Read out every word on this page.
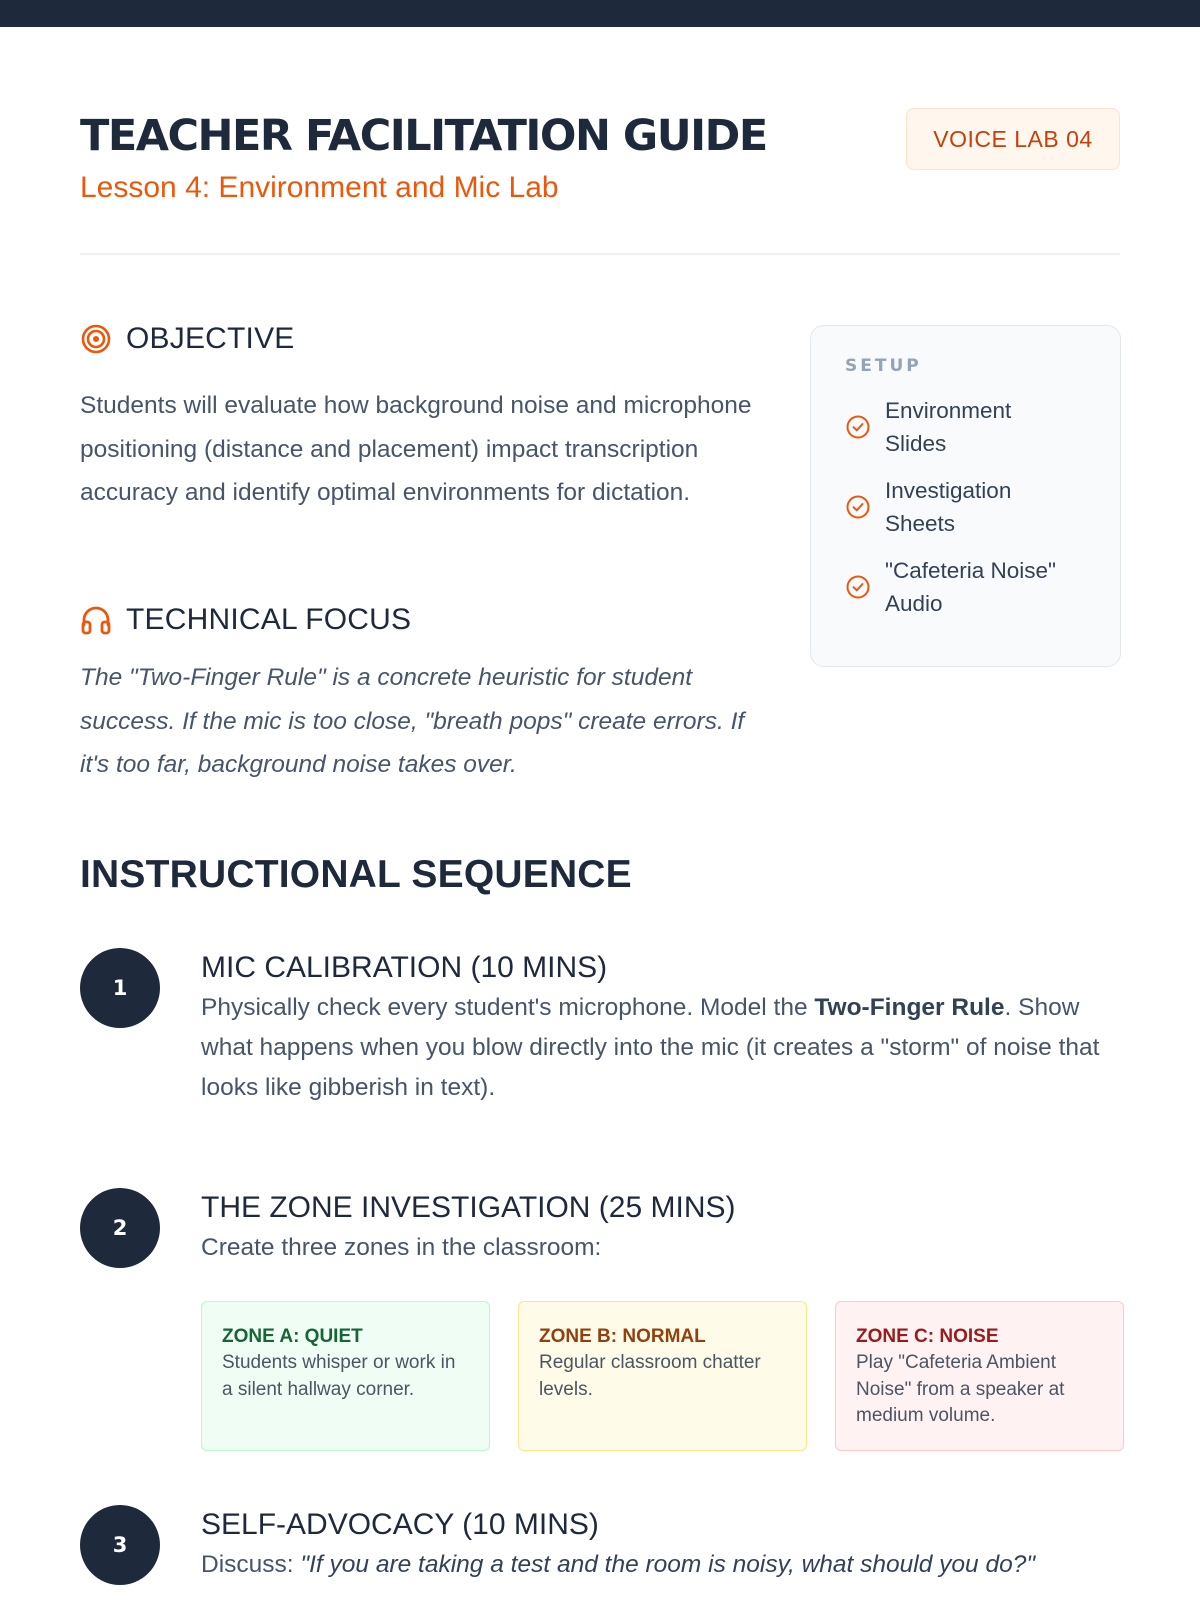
TEACHER FACILITATION GUIDE
Lesson 4: Environment and Mic Lab
VOICE LAB 04
OBJECTIVE

Students will evaluate how background noise and microphone positioning (distance and placement) impact transcription accuracy and identify optimal environments for dictation.

TECHNICAL FOCUS

The "Two-Finger Rule" is a concrete heuristic for student success. If the mic is too close, "breath pops" create errors. If it's too far, background noise takes over.

SETUP
Environment Slides
Investigation Sheets
"Cafeteria Noise" Audio
INSTRUCTIONAL SEQUENCE
1
MIC CALIBRATION (10 MINS)

Physically check every student's microphone. Model the Two-Finger Rule. Show what happens when you blow directly into the mic (it creates a "storm" of noise that looks like gibberish in text).

2
THE ZONE INVESTIGATION (25 MINS)

Create three zones in the classroom:

ZONE A: QUIET
Students whisper or work in a silent hallway corner.
ZONE B: NORMAL
Regular classroom chatter levels.
ZONE C: NOISE
Play "Cafeteria Ambient Noise" from a speaker at medium volume.
3
SELF-ADVOCACY (10 MINS)

Discuss: "If you are taking a test and the room is noisy, what should you do?"
